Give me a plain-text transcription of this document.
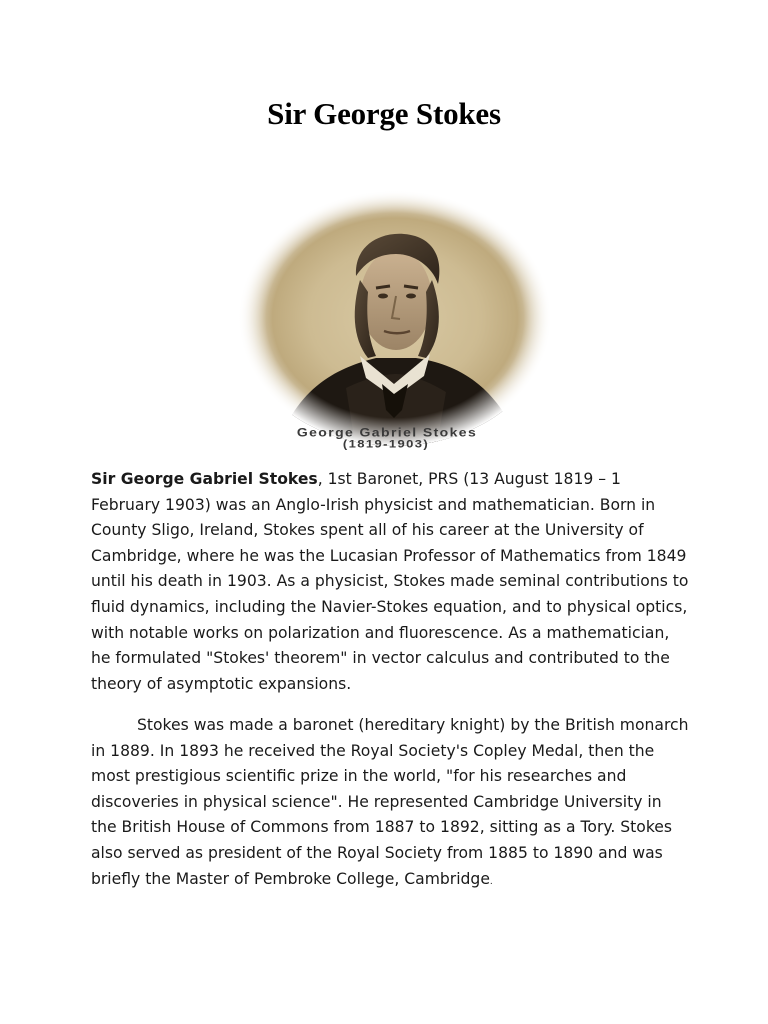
Sir George Stokes
George Gabriel Stokes
(1819-1903)

Sir George Gabriel Stokes, 1st Baronet, PRS (13 August 1819 – 1 February 1903) was an Anglo-Irish physicist and mathematician. Born in County Sligo, Ireland, Stokes spent all of his career at the University of Cambridge, where he was the Lucasian Professor of Mathematics from 1849 until his death in 1903. As a physicist, Stokes made seminal contributions to fluid dynamics, including the Navier-Stokes equation, and to physical optics, with notable works on polarization and fluorescence. As a mathematician, he formulated "Stokes' theorem" in vector calculus and contributed to the theory of asymptotic expansions.

Stokes was made a baronet (hereditary knight) by the British monarch in 1889. In 1893 he received the Royal Society's Copley Medal, then the most prestigious scientific prize in the world, "for his researches and discoveries in physical science". He represented Cambridge University in the British House of Commons from 1887 to 1892, sitting as a Tory. Stokes also served as president of the Royal Society from 1885 to 1890 and was briefly the Master of Pembroke College, Cambridge.
